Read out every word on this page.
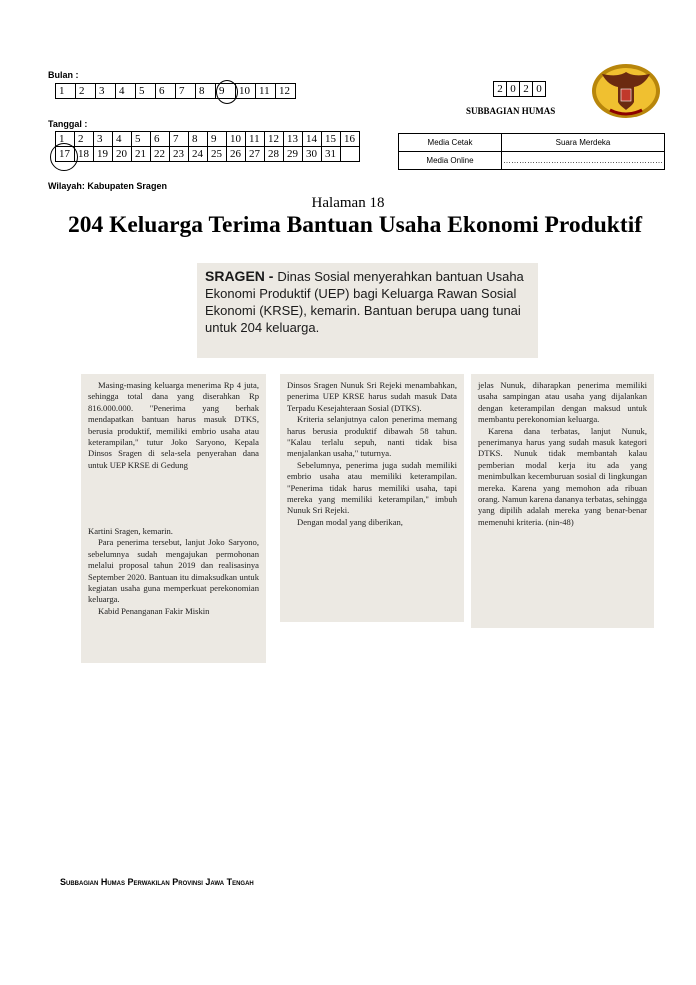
Bulan :
1	2	3	4	5	6	7	8	9	10	11	12
Tanggal :
1	2	3	4	5	6	7	8	9	10	11	12	13	14	15	16
17	18	19	20	21	22	23	24	25	26	27	28	29	30	31	
2	0	2	0
SUBBAGIAN HUMAS
Media Cetak	Suara Merdeka
Media Online	……………………………………………………
Wilayah: Kabupaten Sragen
Halaman 18
204 Keluarga Terima Bantuan Usaha Ekonomi Produktif
SRAGEN - Dinas Sosial menyerahkan bantuan Usaha Ekonomi Produktif (UEP) bagi Keluarga Rawan Sosial Ekonomi (KRSE), kemarin. Bantuan berupa uang tunai untuk 204 keluarga.

Masing-masing keluarga menerima Rp 4 juta, sehingga total dana yang diserahkan Rp 816.000.000. "Penerima yang berhak mendapatkan bantuan harus masuk DTKS, berusia produktif, memiliki embrio usaha atau keterampilan," tutur Joko Saryono, Kepala Dinsos Sragen di sela-sela penyerahan dana untuk UEP KRSE di Gedung

Kartini Sragen, kemarin.

Para penerima tersebut, lanjut Joko Saryono, sebelumnya sudah mengajukan permohonan melalui proposal tahun 2019 dan realisasinya September 2020. Bantuan itu dimaksudkan untuk kegiatan usaha guna memperkuat perekonomian keluarga.

Kabid Penanganan Fakir Miskin

Dinsos Sragen Nunuk Sri Rejeki menambahkan, penerima UEP KRSE harus sudah masuk Data Terpadu Kesejahteraan Sosial (DTKS).

Kriteria selanjutnya calon penerima memang harus berusia produktif dibawah 58 tahun. "Kalau terlalu sepuh, nanti tidak bisa menjalankan usaha," tuturnya.

Sebelumnya, penerima juga sudah memiliki embrio usaha atau memiliki keterampilan. "Penerima tidak harus memiliki usaha, tapi mereka yang memiliki keterampilan," imbuh Nunuk Sri Rejeki.

Dengan modal yang diberikan,

jelas Nunuk, diharapkan penerima memiliki usaha sampingan atau usaha yang dijalankan dengan keterampilan dengan maksud untuk membantu perekonomian keluarga.

Karena dana terbatas, lanjut Nunuk, penerimanya harus yang sudah masuk kategori DTKS. Nunuk tidak membantah kalau pemberian modal kerja itu ada yang menimbulkan kecemburuan sosial di lingkungan mereka. Karena yang memohon ada ribuan orang. Namun karena dananya terbatas, sehingga yang dipilih adalah mereka yang benar-benar memenuhi kriteria. (nin-48)

Subbagian Humas Perwakilan Provinsi Jawa Tengah
